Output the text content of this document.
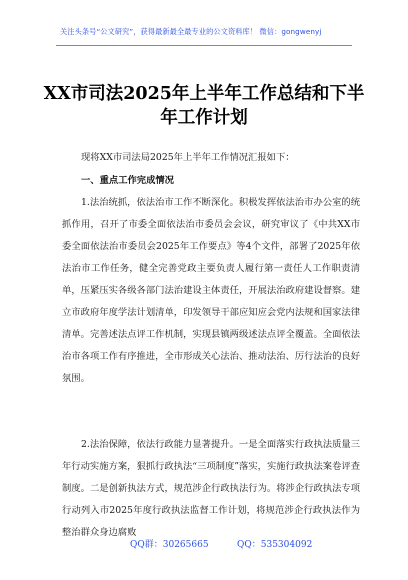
关注头条号“公文研究”，获得最新最全最专业的公文资料库！ 微信：gongwenyj
XX市司法2025年上半年工作总结和下半年工作计划
现将XX市司法局2025年上半年工作情况汇报如下：
一、重点工作完成情况
1.法治统抓，依法治市工作不断深化。积极发挥依法治市办公室的统抓作用，召开了市委全面依法治市委员会会议，研究审议了《中共XX市委全面依法治市委员会2025年工作要点》等4个文件，部署了2025年依法治市工作任务，健全完善党政主要负责人履行第一责任人工作职责清单，压紧压实各级各部门法治建设主体责任，开展法治政府建设督察。建立市政府年度学法计划清单，印发领导干部应知应会党内法规和国家法律清单。完善述法点评工作机制，实现县镇两级述法点评全覆盖。全面依法治市各项工作有序推进，全市形成关心法治、推动法治、厉行法治的良好氛围。
2.法治保障，依法行政能力显著提升。一是全面落实行政执法质量三年行动实施方案，狠抓行政执法“三项制度”落实，实施行政执法案卷评查制度。二是创新执法方式，规范涉企行政执法行为。将涉企行政执法专项行动列入市2025年度行政执法监督工作计划，将规范涉企行政执法作为整治群众身边腐败
QQ群：30265665	QQ：535304092
